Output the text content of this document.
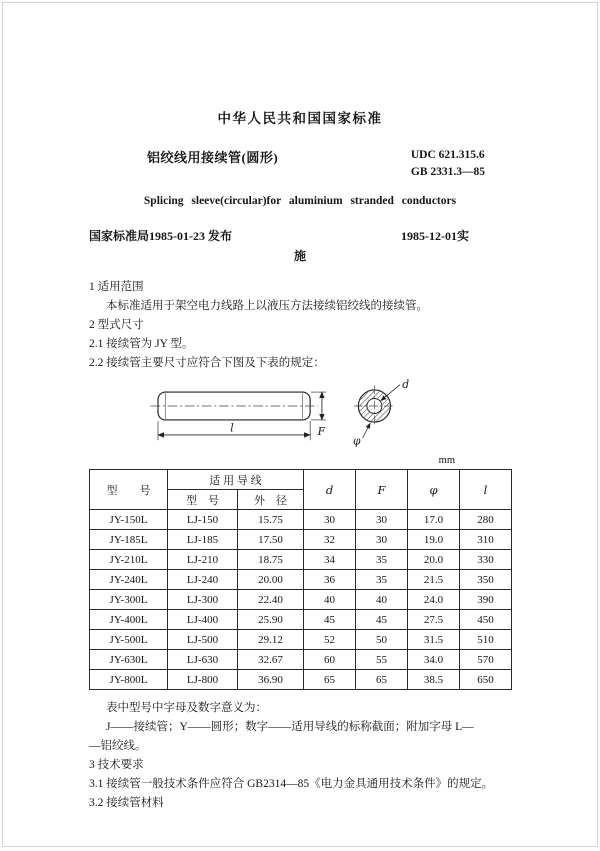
中华人民共和国国家标准
铝绞线用接续管(圆形)	UDC 621.315.6
GB 2331.3—85
Splicing sleeve(circular)for aluminium stranded conductors
国家标准局1985-01-23 发布	1985-12-01实
施

1 适用范围

本标准适用于架空电力线路上以液压方法接续铝绞线的接续管。

2 型式尺寸

2.1 接续管为 JY 型。

2.2 接续管主要尺寸应符合下图及下表的规定：

l	F
d
φ
mm
型　　号	适 用 导 线		d	F	φ	l
	型　号	外　径				
JY-150L	LJ-150	15.75	30	30	17.0	280
JY-185L	LJ-185	17.50	32	30	19.0	310
JY-210L	LJ-210	18.75	34	35	20.0	330
JY-240L	LJ-240	20.00	36	35	21.5	350
JY-300L	LJ-300	22.40	40	40	24.0	390
JY-400L	LJ-400	25.90	45	45	27.5	450
JY-500L	LJ-500	29.12	52	50	31.5	510
JY-630L	LJ-630	32.67	60	55	34.0	570
JY-800L	LJ-800	36.90	65	65	38.5	650

表中型号中字母及数字意义为：

J——接续管；Y——圆形；数字——适用导线的标称截面；附加字母 L—

—铝绞线。

3 技术要求

3.1 接续管一般技术条件应符合 GB2314—85《电力金具通用技术条件》的规定。

3.2 接续管材料
